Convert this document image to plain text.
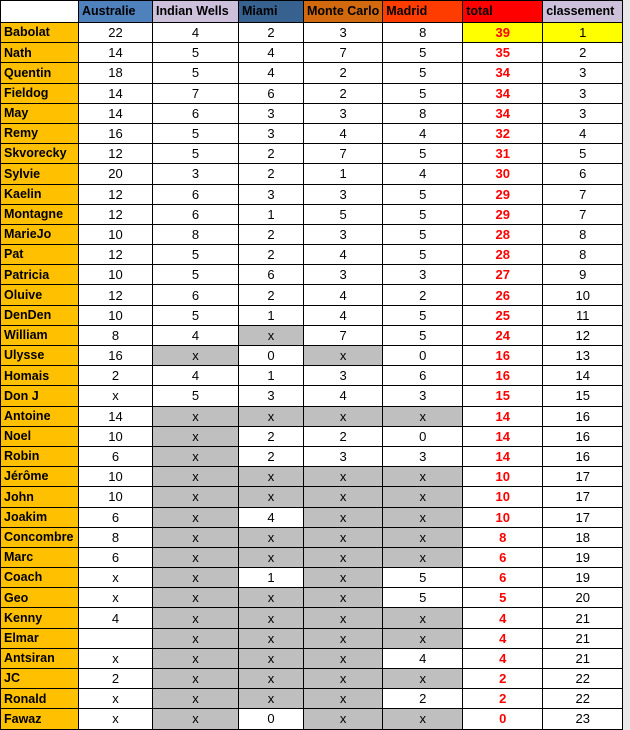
	Australie	Indian Wells	Miami	Monte Carlo	Madrid	total	classement
Babolat	22	4	2	3	8	39	1
Nath	14	5	4	7	5	35	2
Quentin	18	5	4	2	5	34	3
Fieldog	14	7	6	2	5	34	3
May	14	6	3	3	8	34	3
Remy	16	5	3	4	4	32	4
Skvorecky	12	5	2	7	5	31	5
Sylvie	20	3	2	1	4	30	6
Kaelin	12	6	3	3	5	29	7
Montagne	12	6	1	5	5	29	7
MarieJo	10	8	2	3	5	28	8
Pat	12	5	2	4	5	28	8
Patricia	10	5	6	3	3	27	9
Oluive	12	6	2	4	2	26	10
DenDen	10	5	1	4	5	25	11
William	8	4	x	7	5	24	12
Ulysse	16	x	0	x	0	16	13
Homais	2	4	1	3	6	16	14
Don J	x	5	3	4	3	15	15
Antoine	14	x	x	x	x	14	16
Noel	10	x	2	2	0	14	16
Robin	6	x	2	3	3	14	16
Jérôme	10	x	x	x	x	10	17
John	10	x	x	x	x	10	17
Joakim	6	x	4	x	x	10	17
Concombre	8	x	x	x	x	8	18
Marc	6	x	x	x	x	6	19
Coach	x	x	1	x	5	6	19
Geo	x	x	x	x	5	5	20
Kenny	4	x	x	x	x	4	21
Elmar		x	x	x	x	4	21
Antsiran	x	x	x	x	4	4	21
JC	2	x	x	x	x	2	22
Ronald	x	x	x	x	2	2	22
Fawaz	x	x	0	x	x	0	23
